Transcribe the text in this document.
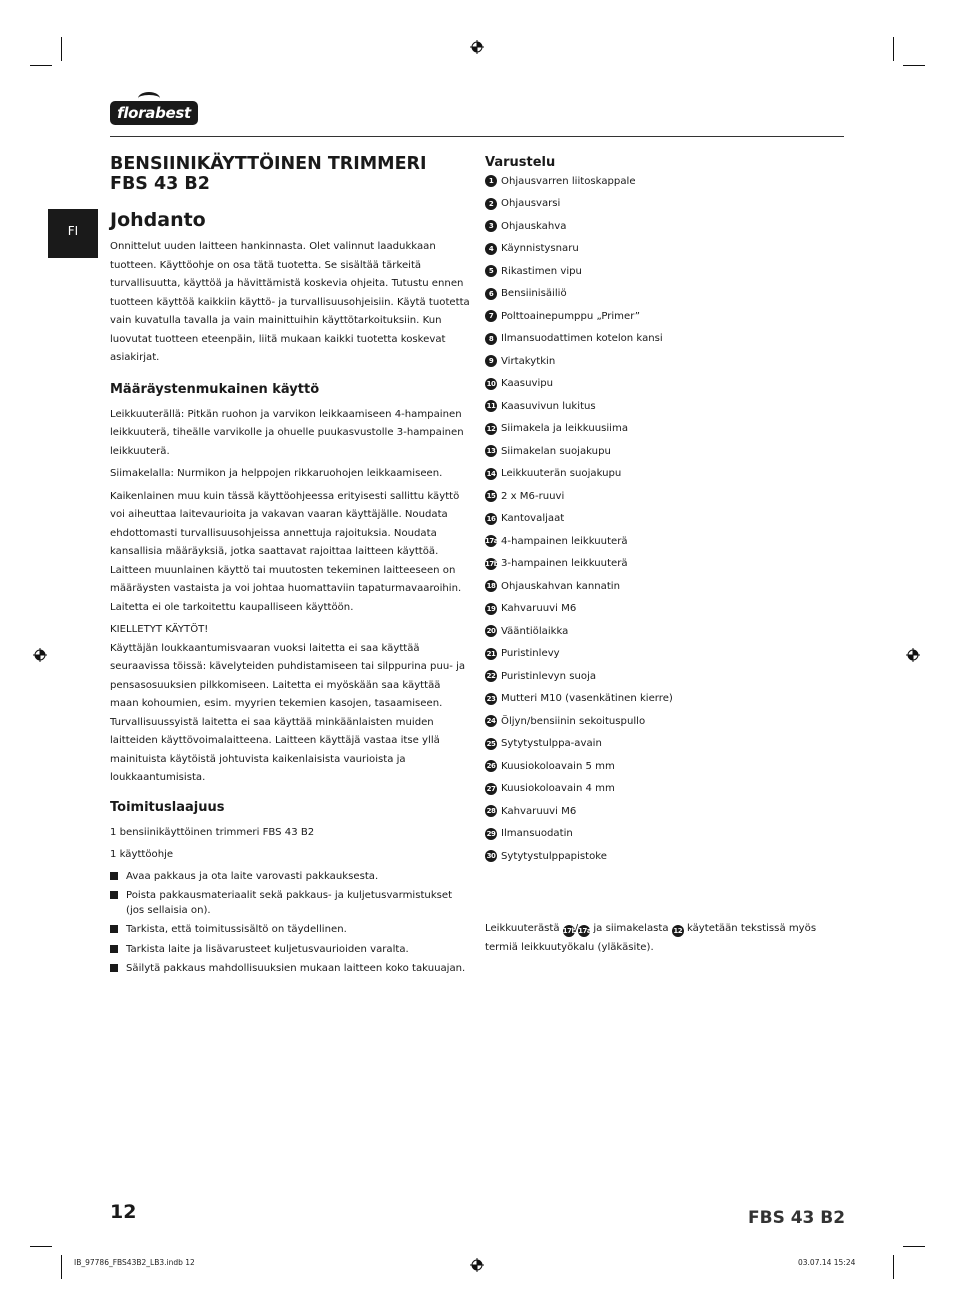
florabest
FI
BENSIINIKÄYTTÖINEN TRIMMERI
FBS 43 B2
Johdanto

Onnittelut uuden laitteen hankinnasta. Olet valinnut laadukkaan tuotteen. Käyttöohje on osa tätä tuotetta. Se sisältää tärkeitä turvallisuutta, käyttöä ja hävittämistä koskevia ohjeita. Tutustu ennen tuotteen käyttöä kaikkiin käyttö- ja turvallisuusohjeisiin. Käytä tuotetta vain kuvatulla tavalla ja vain mainittuihin käyttötarkoituksiin. Kun luovutat tuotteen eteenpäin, liitä mukaan kaikki tuotetta koskevat asiakirjat.

Määräystenmukainen käyttö

Leikkuuterällä: Pitkän ruohon ja varvikon leikkaamiseen 4-hampainen leikkuuterä, tiheälle varvikolle ja ohuelle puukasvustolle 3-hampainen leikkuuterä.

Siimakelalla: Nurmikon ja helppojen rikkaruohojen leikkaamiseen.

Kaikenlainen muu kuin tässä käyttöohjeessa erityisesti sallittu käyttö voi aiheuttaa laitevaurioita ja vakavan vaaran käyttäjälle. Noudata ehdottomasti turvallisuusohjeissa annettuja rajoituksia. Noudata kansallisia määräyksiä, jotka saattavat rajoittaa laitteen käyttöä. Laitteen muunlainen käyttö tai muutosten tekeminen laitteeseen on määräysten vastaista ja voi johtaa huomattaviin tapaturmavaaroihin. Laitetta ei ole tarkoitettu kaupalliseen käyttöön.

KIELLETYT KÄYTÖT!

Käyttäjän loukkaantumisvaaran vuoksi laitetta ei saa käyttää seuraavissa töissä: kävelyteiden puhdistamiseen tai silppurina puu- ja pensasosuuksien pilkkomiseen. Laitetta ei myöskään saa käyttää maan kohoumien, esim. myyrien tekemien kasojen, tasaamiseen. Turvallisuussyistä laitetta ei saa käyttää minkäänlaisten muiden laitteiden käyttövoimalaitteena. Laitteen käyttäjä vastaa itse yllä mainituista käytöistä johtuvista kaikenlaisista vaurioista ja loukkaantumisista.

Toimituslaajuus

1 bensiinikäyttöinen trimmeri FBS 43 B2

1 käyttöohje

Avaa pakkaus ja ota laite varovasti pakkauksesta.
Poista pakkausmateriaalit sekä pakkaus- ja kuljetusvarmistukset (jos sellaisia on).
Tarkista, että toimitussisältö on täydellinen.
Tarkista laite ja lisävarusteet kuljetusvaurioiden varalta.
Säilytä pakkaus mahdollisuuksien mukaan laitteen koko takuuajan.
Varustelu
1 Ohjausvarren liitoskappale
2 Ohjausvarsi
3 Ohjauskahva
4 Käynnistysnaru
5 Rikastimen vipu
6 Bensiinisäiliö
7 Polttoainepumppu „Primer”
8 Ilmansuodattimen kotelon kansi
9 Virtakytkin
10 Kaasuvipu
11 Kaasuvivun lukitus
12 Siimakela ja leikkuusiima
13 Siimakelan suojakupu
14 Leikkuuterän suojakupu
15 2 x M6-ruuvi
16 Kantovaljaat
17a 4-hampainen leikkuuterä
17b 3-hampainen leikkuuterä
18 Ohjauskahvan kannatin
19 Kahvaruuvi M6
20 Vääntiölaikka
21 Puristinlevy
22 Puristinlevyn suoja
23 Mutteri M10 (vasenkätinen kierre)
24 Öljyn/bensiinin sekoituspullo
25 Sytytystulppa-avain
26 Kuusiokoloavain 5 mm
27 Kuusiokoloavain 4 mm
28 Kahvaruuvi M6
29 Ilmansuodatin
30 Sytytystulppapistoke
Leikkuuterästä 17b/17a ja siimakelasta 12 käytetään tekstissä myös termiä leikkuutyökalu (yläkäsite).
12	FBS 43 B2
IB_97786_FBS43B2_LB3.indb 12	03.07.14 15:24
